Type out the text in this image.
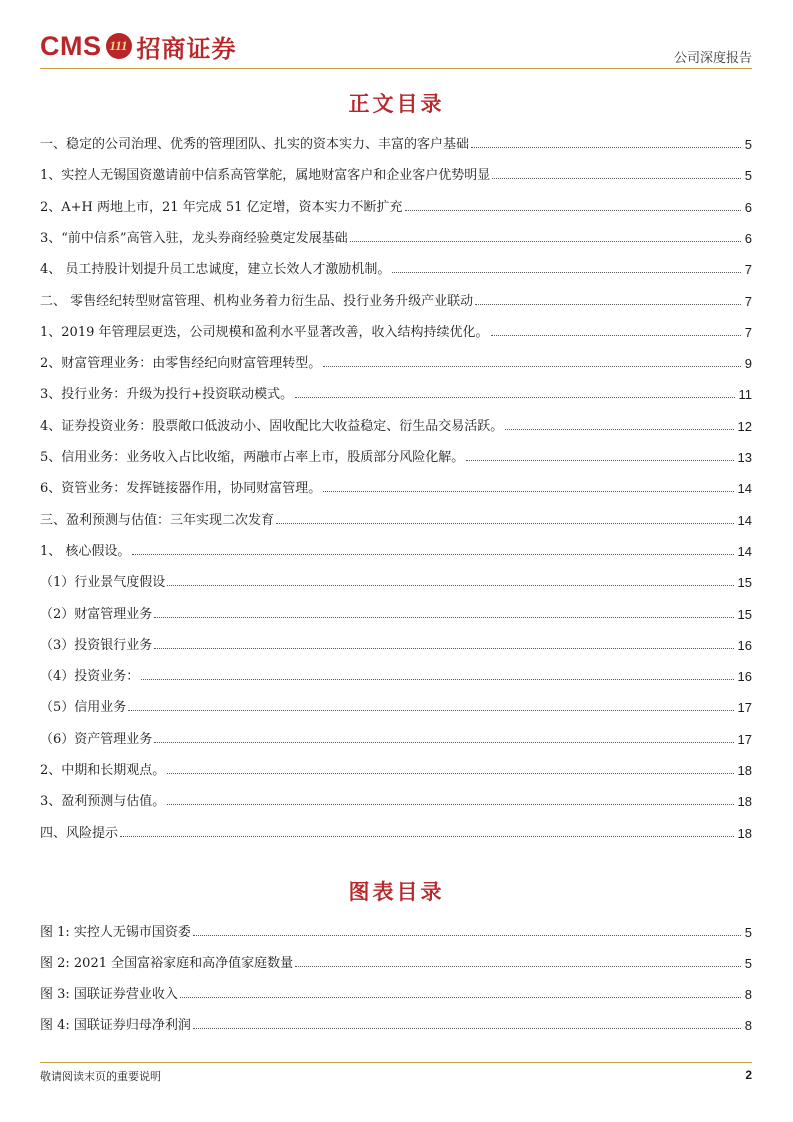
CMS 111 招商证券	公司深度报告
正文目录
一、稳定的公司治理、优秀的管理团队、扎实的资本实力、丰富的客户基础	5
1、实控人无锡国资邀请前中信系高管掌舵，属地财富客户和企业客户优势明显	5
2、A+H 两地上市，21 年完成 51 亿定增，资本实力不断扩充	6
3、“前中信系”高管入驻，龙头券商经验奠定发展基础	6
4、 员工持股计划提升员工忠诚度，建立长效人才激励机制。	7
二、 零售经纪转型财富管理、机构业务着力衍生品、投行业务升级产业联动	7
1、2019 年管理层更迭，公司规模和盈利水平显著改善，收入结构持续优化。	7
2、财富管理业务：由零售经纪向财富管理转型。	9
3、投行业务：升级为投行+投资联动模式。	11
4、证券投资业务：股票敞口低波动小、固收配比大收益稳定、衍生品交易活跃。	12
5、信用业务：业务收入占比收缩，两融市占率上市，股质部分风险化解。	13
6、资管业务：发挥链接器作用，协同财富管理。	14
三、盈利预测与估值：三年实现二次发育	14
1、 核心假设。	14
（1）行业景气度假设	15
（2）财富管理业务	15
（3）投资银行业务	16
（4）投资业务：	16
（5）信用业务	17
（6）资产管理业务	17
2、中期和长期观点。	18
3、盈利预测与估值。	18
四、风险提示	18
图表目录
图 1: 实控人无锡市国资委	5
图 2: 2021 全国富裕家庭和高净值家庭数量	5
图 3: 国联证券营业收入	8
图 4: 国联证券归母净利润	8
敬请阅读末页的重要说明	2
